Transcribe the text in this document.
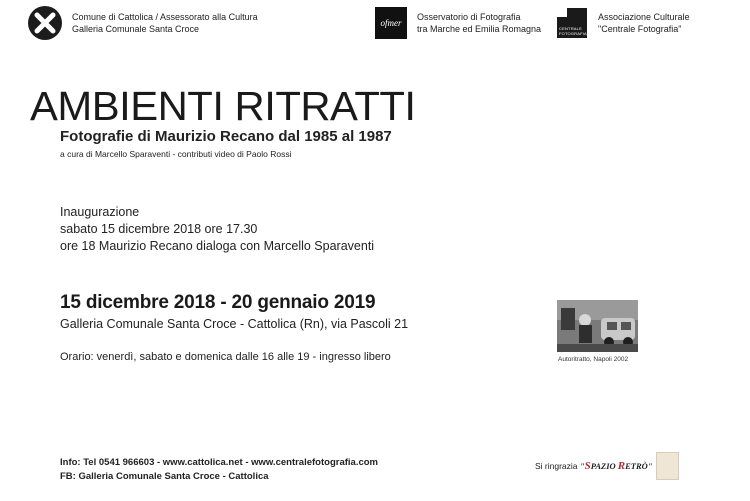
Comune di Cattolica / Assessorato alla Cultura
Galleria Comunale Santa Croce
ofmer
Osservatorio di Fotografia
tra Marche ed Emilia Romagna	CENTRALE FOTOGRAFIA
Associazione Culturale
"Centrale Fotografia"
AMBIENTI RITRATTI
Fotografie di Maurizio Recano dal 1985 al 1987
a cura di Marcello Sparaventi - contributi video di Paolo Rossi
Inaugurazione
sabato 15 dicembre 2018 ore 17.30
ore 18 Maurizio Recano dialoga con Marcello Sparaventi
15 dicembre 2018 - 20 gennaio 2019
Galleria Comunale Santa Croce - Cattolica (Rn), via Pascoli 21
Orario: venerdì, sabato e domenica dalle 16 alle 19 - ingresso libero	Autoritratto, Napoli 2002
Info: Tel 0541 966603 - www.cattolica.net - www.centralefotografia.com
FB: Galleria Comunale Santa Croce - Cattolica
Si ringrazia "SPAZIO RETRÒ"
